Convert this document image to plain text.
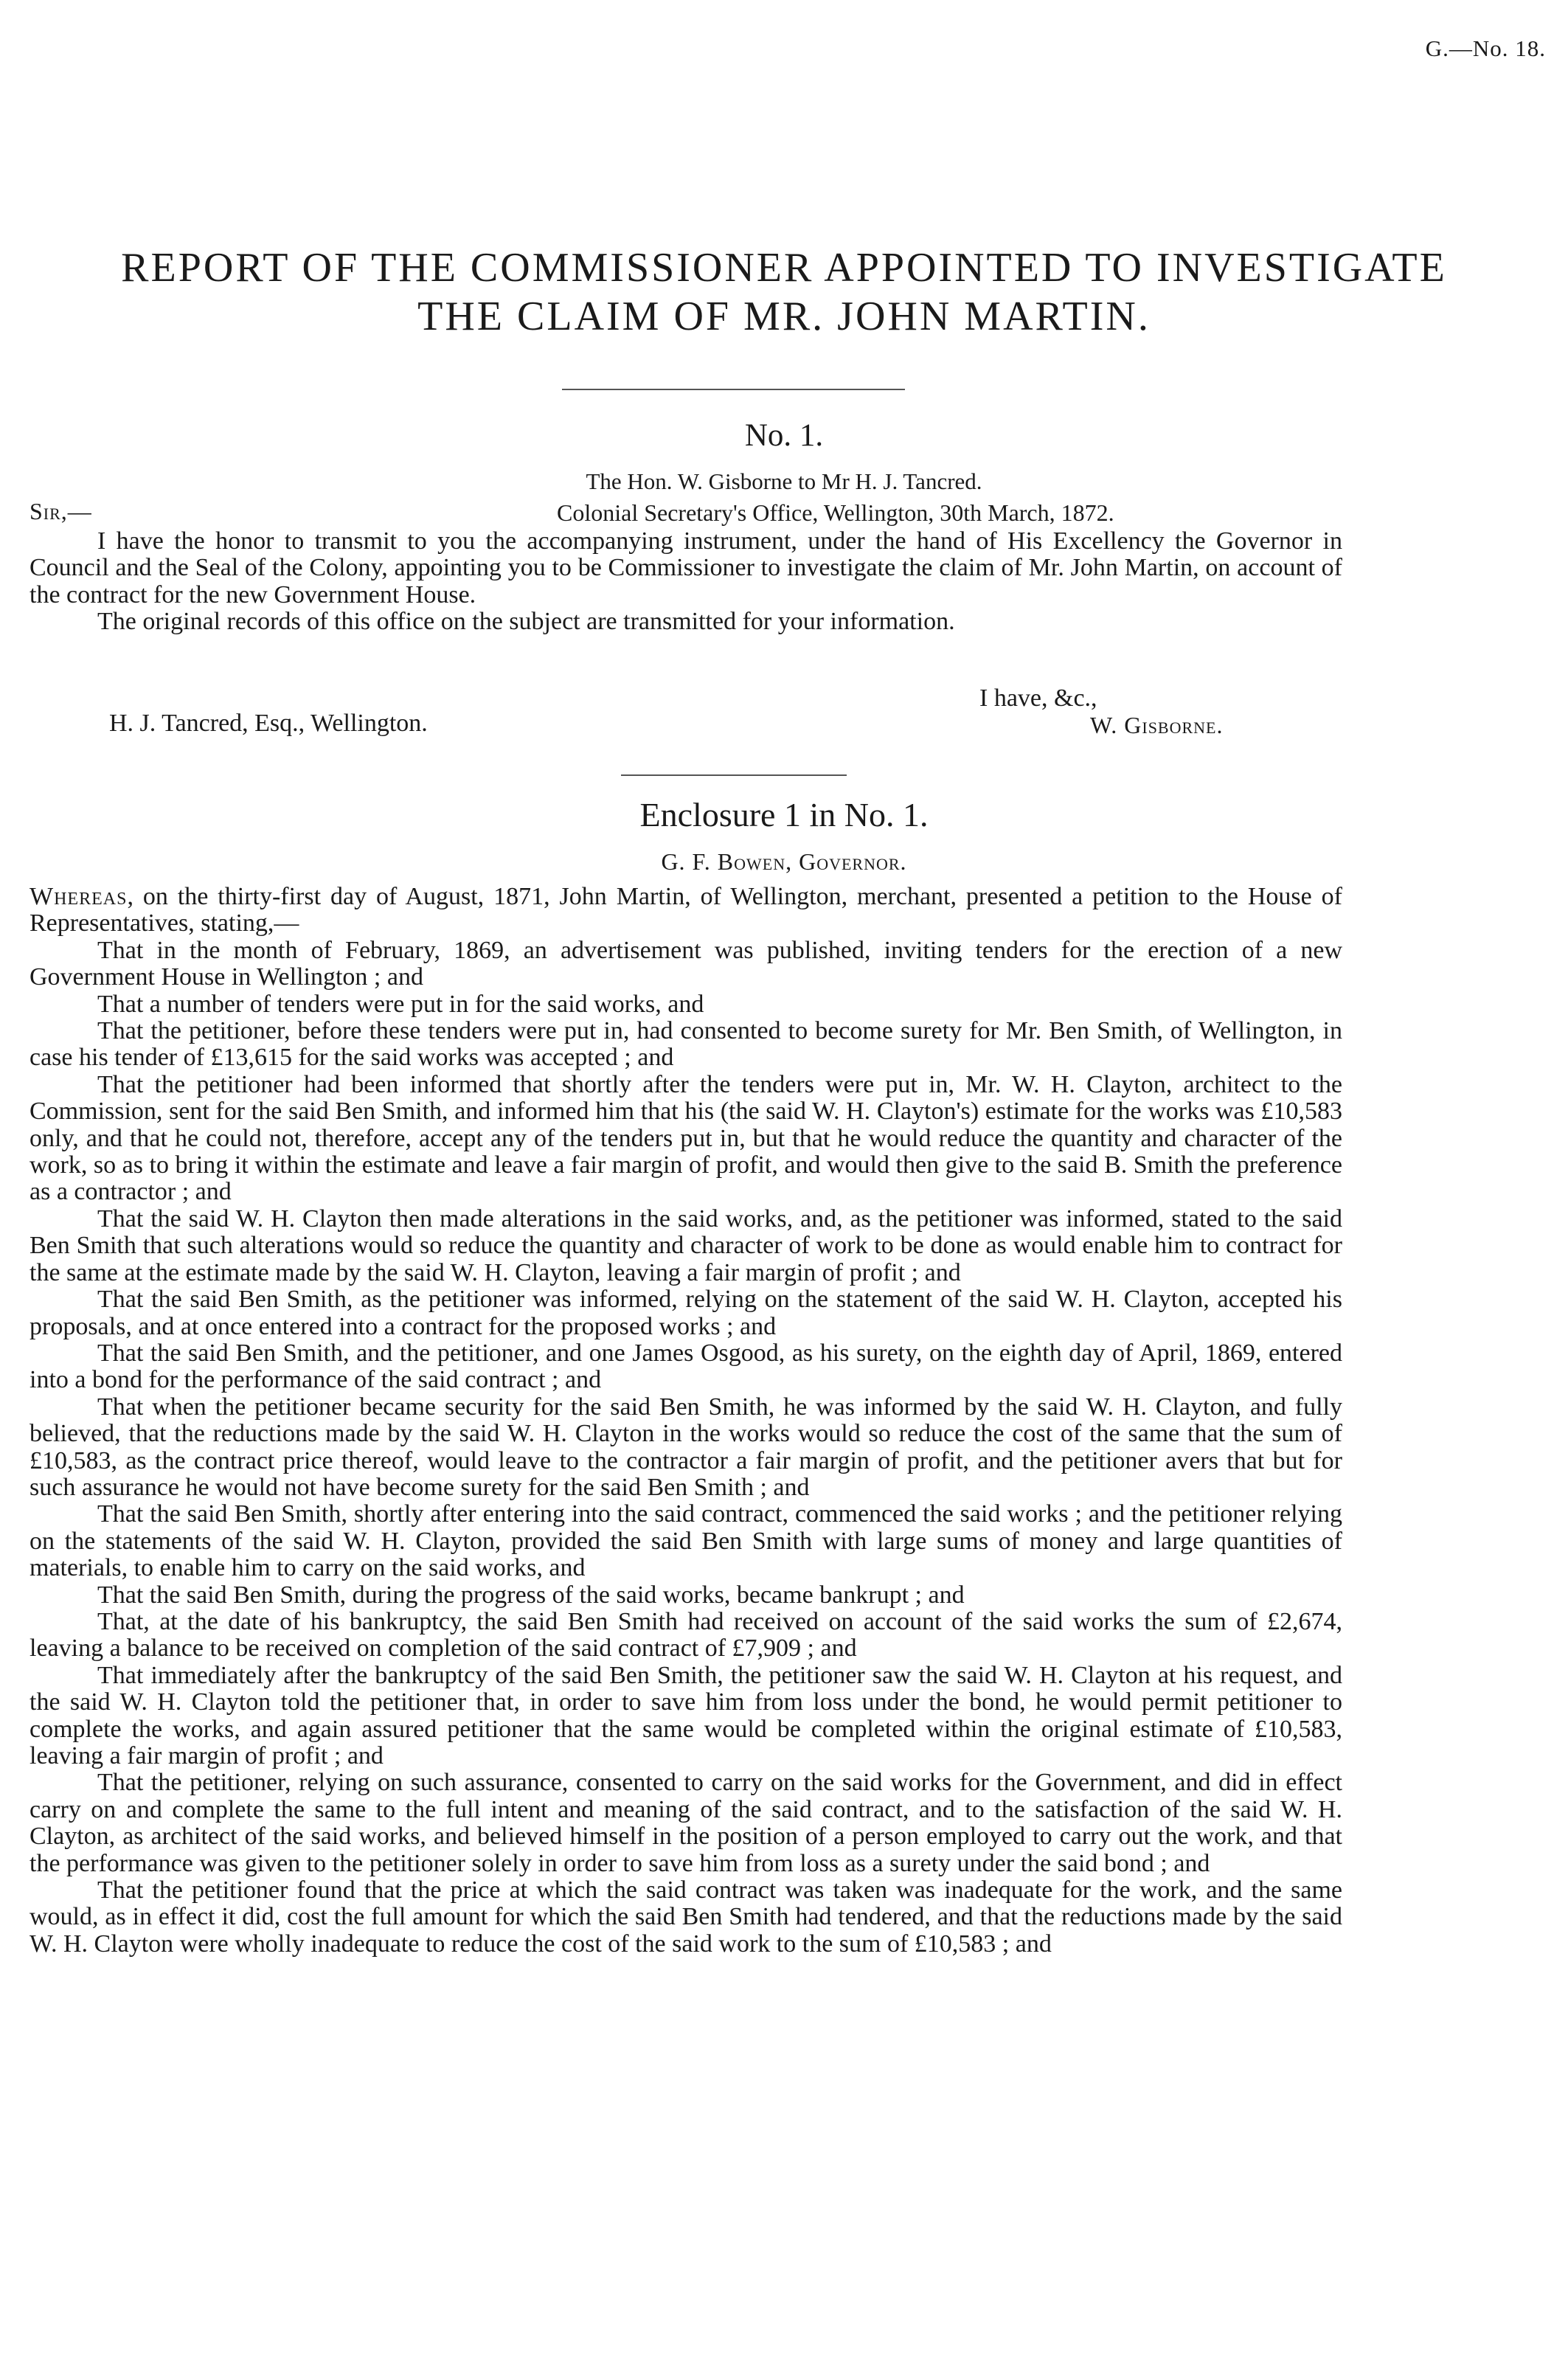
G.—No. 18.
REPORT OF THE COMMISSIONER APPOINTED TO INVESTIGATE
THE CLAIM OF MR. JOHN MARTIN.
No. 1.
The Hon. W. Gisborne to Mr H. J. Tancred.
Sir,—	Colonial Secretary's Office, Wellington, 30th March, 1872.

I have the honor to transmit to you the accompanying instrument, under the hand of His Excellency the Governor in Council and the Seal of the Colony, appointing you to be Commissioner to investigate the claim of Mr. John Martin, on account of the contract for the new Government House.

The original records of this office on the subject are transmitted for your information.

I have, &c.,
H. J. Tancred, Esq., Wellington.	W. Gisborne.
Enclosure 1 in No. 1.
G. F. Bowen, Governor.

Whereas, on the thirty-first day of August, 1871, John Martin, of Wellington, merchant, presented a petition to the House of Representatives, stating,—

That in the month of February, 1869, an advertisement was published, inviting tenders for the erection of a new Government House in Wellington ; and

That a number of tenders were put in for the said works, and

That the petitioner, before these tenders were put in, had consented to become surety for Mr. Ben Smith, of Wellington, in case his tender of £13,615 for the said works was accepted ; and

That the petitioner had been informed that shortly after the tenders were put in, Mr. W. H. Clayton, architect to the Commission, sent for the said Ben Smith, and informed him that his (the said W. H. Clayton's) estimate for the works was £10,583 only, and that he could not, therefore, accept any of the tenders put in, but that he would reduce the quantity and character of the work, so as to bring it within the estimate and leave a fair margin of profit, and would then give to the said B. Smith the preference as a contractor ; and

That the said W. H. Clayton then made alterations in the said works, and, as the petitioner was informed, stated to the said Ben Smith that such alterations would so reduce the quantity and character of work to be done as would enable him to contract for the same at the estimate made by the said W. H. Clayton, leaving a fair margin of profit ; and

That the said Ben Smith, as the petitioner was informed, relying on the statement of the said W. H. Clayton, accepted his proposals, and at once entered into a contract for the proposed works ; and

That the said Ben Smith, and the petitioner, and one James Osgood, as his surety, on the eighth day of April, 1869, entered into a bond for the performance of the said contract ; and

That when the petitioner became security for the said Ben Smith, he was informed by the said W. H. Clayton, and fully believed, that the reductions made by the said W. H. Clayton in the works would so reduce the cost of the same that the sum of £10,583, as the contract price thereof, would leave to the contractor a fair margin of profit, and the petitioner avers that but for such assurance he would not have become surety for the said Ben Smith ; and

That the said Ben Smith, shortly after entering into the said contract, commenced the said works ; and the petitioner relying on the statements of the said W. H. Clayton, provided the said Ben Smith with large sums of money and large quantities of materials, to enable him to carry on the said works, and

That the said Ben Smith, during the progress of the said works, became bankrupt ; and

That, at the date of his bankruptcy, the said Ben Smith had received on account of the said works the sum of £2,674, leaving a balance to be received on completion of the said contract of £7,909 ; and

That immediately after the bankruptcy of the said Ben Smith, the petitioner saw the said W. H. Clayton at his request, and the said W. H. Clayton told the petitioner that, in order to save him from loss under the bond, he would permit petitioner to complete the works, and again assured petitioner that the same would be completed within the original estimate of £10,583, leaving a fair margin of profit ; and

That the petitioner, relying on such assurance, consented to carry on the said works for the Government, and did in effect carry on and complete the same to the full intent and meaning of the said contract, and to the satisfaction of the said W. H. Clayton, as architect of the said works, and believed himself in the position of a person employed to carry out the work, and that the performance was given to the petitioner solely in order to save him from loss as a surety under the said bond ; and

That the petitioner found that the price at which the said contract was taken was inadequate for the work, and the same would, as in effect it did, cost the full amount for which the said Ben Smith had tendered, and that the reductions made by the said W. H. Clayton were wholly inadequate to reduce the cost of the said work to the sum of £10,583 ; and
